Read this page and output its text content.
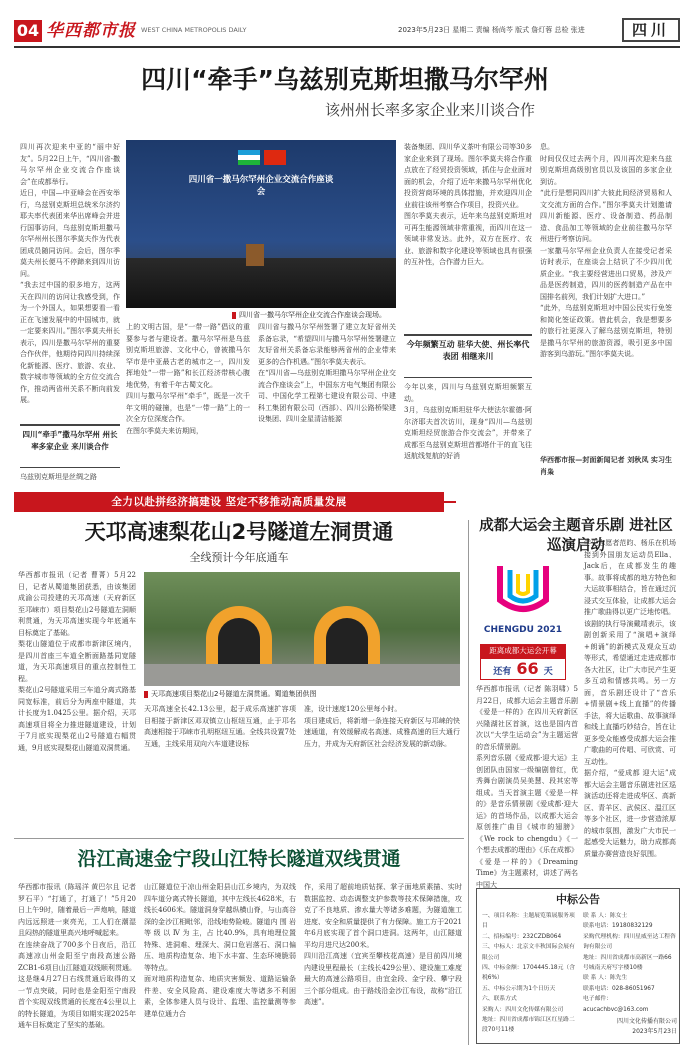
04 华西都市报 WEST CHINA METROPOLIS DAILY	2023年5月23日 星期二 责编 杨尚芩 版式 詹灯蓉 总检 张进	四川
四川“牵手”乌兹别克斯坦撒马尔罕州
该州州长率多家企业来川谈合作
四川再次迎来中亚的“丽中好友”。5月22日上午，“四川省-撒马尔罕州企业交流合作座谈会”在成都举行。
近日，中国—中亚峰会在西安举行，乌兹别克斯坦总统米尔济约耶夫率代表团来华出席峰会并进行国事访问，乌兹别克斯坦撒马尔罕州州长图尔季莫夫作为代表团成员随同访问。会后，图尔季莫夫州长便马不停蹄来到四川访问。
“我去过中国的很多地方，这两天在四川的访问让我感受到，作为一个外国人，如果想要看一看正在飞速发展中的中国城市，就一定要来四川。”图尔季莫夫州长表示，四川是撒马尔罕州的重要合作伙伴，他期待同四川持续深化新能源、医疗、旅游、农业、数字城市等领域的全方位交流合作，推动两省州关系不断向前发展。
四川“牵手”撒马尔罕州 州长率多家企业 来川谈合作
乌兹别克斯坦是丝绸之路
四川省一撒马尔罕州企业交流合作座谈会
四川省一撒马尔罕州企业交流合作座谈会现场。
上的文明古国，是“一带一路”倡议的重要参与者与建设者。撒马尔罕州是乌兹别克斯坦旅游、文化中心，曾被撒马尔罕市是中亚最古老的城市之一，四川发挥地处“一带一路”和长江经济带核心腹地优势，有着千年古蜀文化。
四川与撒马尔罕州“牵手”，既是一次千年文明的碰撞，也是“一带一路”上的一次全方位深度合作。
在图尔季莫夫来访期间，
四川省与撒马尔罕州签署了建立友好省州关系备忘录，“希望四川与撒马尔罕州签署建立友好省州关系备忘录能够两省州的企业带来更多的合作机遇。”图尔季莫夫表示。
在“四川省—乌兹别克斯坦撒马尔罕州企业交流合作座谈会”上，中国东方电气集团有限公司、中国化学工程第七建设有限公司、中建科工集团有限公司（西部）、四川公路桥梁建设集团、四川金星清洁能源
装备集团、四川华义茶叶有限公司等30多家企业来到了现场。图尔季莫夫将合作重点放在了经贸投资领域，抓住与企业面对面的机会，介绍了近年来撒马尔罕州优化投资营商环境的具体措施，并欢迎四川企业前往该州考察合作项目，投资兴业。
图尔季莫夫表示，近年来乌兹别克斯坦对可再生能源领域非常重视，而四川在这一领域非常发达。此外，双方在医疗、农业、旅游和数字化建设等领域也具有很强的互补性，合作潜力巨大。
今年频繁互动 驻华大使、州长率代表团 相继来川
今年以来，四川与乌兹别克斯坦频繁互动。
3月，乌兹别克斯坦驻华大使法尔霍德·阿尔济耶夫首次访川，现身“四川—乌兹别克斯坦经贸旅游合作交流会”，并带来了成都至乌兹别克斯坦首都塔什干的直飞往返航线复航的好消
息。
时间仅仅过去两个月，四川再次迎来乌兹别克斯坦高级别官员以及该国的多家企业到访。
“此行是想同四川扩大彼此间经济贸易和人文交流方面的合作。”图尔季莫夫计划邀请四川新能源、医疗、设备制造、药品制造、食品加工等领域的企业前往撒马尔罕州进行考察访问。
一家撒马尔罕州企业负责人在接受记者采访时表示，在座谈会上结识了不少四川优质企业。“我主要经营进出口贸易，涉及产品是医药制造，四川的医药制造产品在中国排名前列，我们计划扩大进口。”
“此外，乌兹别克斯坦对中国公民实行免签和简化签证政策。借此机会，我是想要多的旅行社更深入了解乌兹别克斯坦，特别是撒马尔罕州的旅游资源，吸引更多中国游客到乌游玩。”图尔季莫夫说。
华西都市报—封面新闻记者 刘秋凤 实习生 肖枭
全力以赴拼经济搞建设 坚定不移推动高质量发展
天邛高速梨花山2号隧道左洞贯通
全线预计今年底通车
华西都市报讯（记者 曹菁）5月22日，记者从蜀道集团获悉，由该集团成渝公司投建的天邛高速（天府新区至邛崃市）项目梨花山2号隧道左洞顺利贯通，为天邛高速实现今年底通车目标奠定了基础。
梨花山隧道位于成都市新津区境内，是四川首座三车道全断面路基同宽隧道，为天邛高速项目的重点控制性工程。
梨花山2号隧道采用三车道分离式路基同宽标准，前后分为两座中隧道，共计长度为1.0425公里。据介绍，天邛高速项目将全力推进隧道建设，计划于7月底实现梨花山2号隧道右幅贯通，9月底实现梨花山隧道双洞贯通。
天邛高速项目梨花山2号隧道左洞贯通。蜀道集团供图
天邛高速全长42.13公里，起于成乐高速扩容项目相接于新津区邓双镇立山枢纽互通，止于邛名高速相接于邛崃市孔明枢纽互通。全线共设置7处互通，主线采用双向六车道建设标
准，设计速度120公里每小时。
项目建成后，将新增一条连接天府新区与邛崃的快速通道，有效缓解成名高速、成雅高速的巨大通行压力，并成为天府新区社会经济发展的新动脉。
沿江高速金宁段山江特长隧道双线贯通
华西都市报讯（陈瑶洋 黄巴尔且 记者 罗石平）“打通了，打通了！”5月20日上午9时，随着最后一声炮响，隧道内远远照进一束亮光，工人们在潮湿且闷热的隧道里高兴地呼喊起来。
在连续奋战了700多个日夜后，沿江高速凉山州金阳至宁南段高速公路ZCB1-6项目山江隧道双线顺利贯通。这是继4月27日右线贯通后取得的又一节点突破，同时也是金阳至宁南段首个实现双线贯通的长度在4公里以上的特长隧道，为项目如期实现2025年通车目标奠定了坚实的基础。
山江隧道位于凉山州金阳县山江乡境内，为双线四车道分离式特长隧道，其中左线长4628米，右线长4606米。隧道洞身穿越纵横山脊，与山高谷深的金沙江相毗邻，沿线地势险峻。隧道内 围 岩 等 级 以 Ⅳ 为 主，占 比40.9%，具有地理位置特殊、进洞难、埋深大、洞口危岩落石、洞口偏压、地质构造复杂、地下水丰富、生态环境脆弱等特点。
面对地质构造复杂、地质灾害频发、道路运输条件差、安全风险高、建设难度大等诸多不利困素，全体参建人员与设计、监理、监控量测等参建单位通力合
作，采用了超前地质钻探、掌子面地质素描、实时数据监控、动态调整支护参数等技术保障措施，攻克了不良地质、渗水量大等诸多难题，为隧道施工进度、安全和质量提供了有力保障。施工方于2021年6月底实现了首个洞口进洞。这两年，山江隧道平均月进尺达200米。
四川沿江高速（宜宾至攀枝花高速）是目前四川境内建设里程最长（主线长429公里）、建设施工难度最大的高速公路项目，由宜金段、金宁段、攀宁段三个部分组成。由于路线沿金沙江布设，故称“沿江高速”。
成都大运会主题音乐剧 进社区巡演启动
CHENGDU 2021
距离成都大运会开幕
还有 66 天
华西都市报讯（记者 陈羽啸）5月22日，成都大运会主题音乐剧《爱是一样的》在四川天府新区兴隆湖社区首演，这也是国内首次以“大学生运动会”为主题运营的音乐情景剧。
系列音乐剧《爱成都·迎大运》主创团队由国家一级编剧曾红，优秀舞台剧演员吴美慧、段其宏等组成。当天首演主题《爱是一样的》是音乐情景剧《爱成都·迎大运》的首场作品，以成都大运会原创推广曲目《城市的翅膀》《We rock to chengdu》《一个想去成都的理由》《乐在成都》《爱是一样的》《Dreaming Time》为主题素材，讲述了两名中国大
学生志愿者范昀、杨乐在机场接到外国朋友运动员Ella、Jack后，在成都发生的趣事。故事将成都的地方特色和大运故事相结合，旨在通过沉浸式交互体验，让成都大运会推广歌曲得以更广泛地传唱。
该剧的执行导演戴靖表示，该剧创新采用了“演唱+演绎+朗诵”的新模式及观众互动等形式，希望通过走进成都市各大社区，让广大市民产生更多互动和情感共鸣。另一方面，音乐剧还设计了“音乐+情景剧+线上直播”的传播手法，将大运歌曲、故事演绎和线上直播巧妙结合，旨在让更多受众能感受成都大运会推广歌曲的可传唱、可欣赏、可互动性。
据介绍，“爱成都 迎大运”成都大运会主题音乐剧进社区巡演活动还将走进成华区、高新区、青羊区、武侯区、温江区等多个社区，进一步营造浓厚的城市氛围，激发广大市民一起感受大运魅力，助力成都高质量办赛营造良好氛围。
中标公告
一、项目名称：主题展览策展服务项目
二、招标编号：232CZDB064
三、中标人：北京文丰秋国际会展有限公司
四、中标金额：1704445.18元（含税6%）
五、中标公示期为1个日历天
六、联系方式
采购人：四川文化传媒有限公司
地址：四川省成都市锦江区红星路二段70号11楼
联 系 人：陈女士
联系电话：19180832129
采购代理机构：四川星威至达工程咨询有限公司
地址：四川省成都市高新区一路66号城南天府写字楼10楼
联 系 人：陈先生
联系电话：028-86051967
电子邮件：acucachbvc@163.com
四川文化传播有限公司
2023年5月23日
